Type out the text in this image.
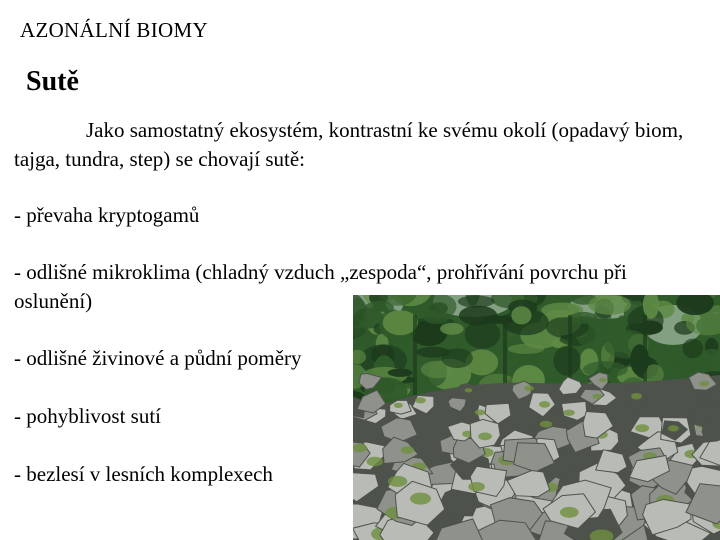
AZONÁLNÍ BIOMY
Sutě

Jako samostatný ekosystém, kontrastní ke svému okolí (opadavý biom, tajga, tundra, step) se chovají sutě:

- převaha kryptogamů

- odlišné mikroklima (chladný vzduch „zespoda“, prohřívání povrchu při oslunění)

- odlišné živinové a půdní poměry

- pohyblivost sutí

- bezlesí v lesních komplexech
